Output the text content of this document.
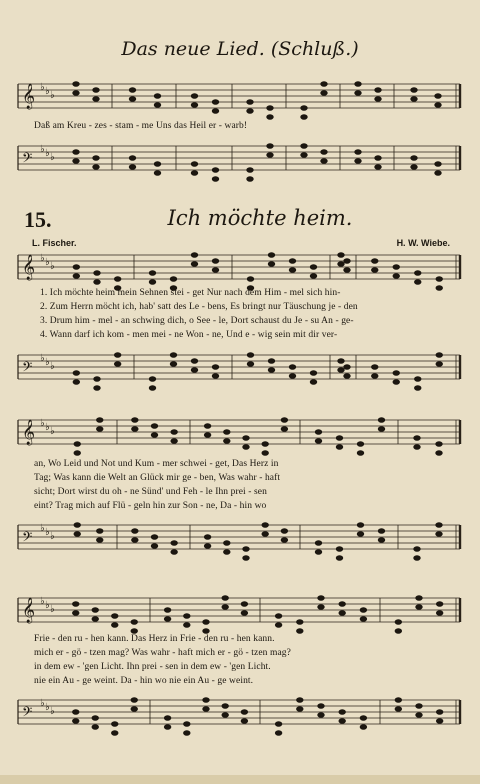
Das neue Lied. (Schluß.)
𝄞 ♭ ♭ ♭
𝄢
♭ ♭ ♭
𝄞 ♭ ♭ ♭
𝄢
♭ ♭ ♭
𝄞 ♭ ♭ ♭
𝄢
♭ ♭ ♭
𝄞 ♭ ♭ ♭
𝄢
♭ ♭ ♭
Daß am Kreu - zes - stam - me Uns das Heil er - warb!
15.	Ich möchte heim.
L. Fischer.	H. W. Wiebe.
1. Ich möchte heim mein Sehnen stei - get Nur nach dem Him - mel sich hin-
2. Zum Herrn möcht ich, hab' satt des Le - bens, Es bringt nur Täuschung je - den
3. Drum him - mel - an schwing dich, o See - le, Dort schaust du Je - su An - ge-
4. Wann darf ich kom - men mei - ne Won - ne, Und e - wig sein mit dir ver-
an, Wo Leid und Not und Kum - mer schwei - get, Das Herz in
Tag; Was kann die Welt an Glück mir ge - ben, Was wahr - haft
sicht; Dort wirst du oh - ne Sünd' und Feh - le Ihn prei - sen
eint? Trag mich auf Flü - geln hin zur Son - ne, Da - hin wo
Frie - den ru - hen kann. Das Herz in Frie - den ru - hen kann.
mich er - gö - tzen mag? Was wahr - haft mich er - gö - tzen mag?
in dem ew - 'gen Licht. Ihn prei - sen in dem ew - 'gen Licht.
nie ein Au - ge weint. Da - hin wo nie ein Au - ge weint.
